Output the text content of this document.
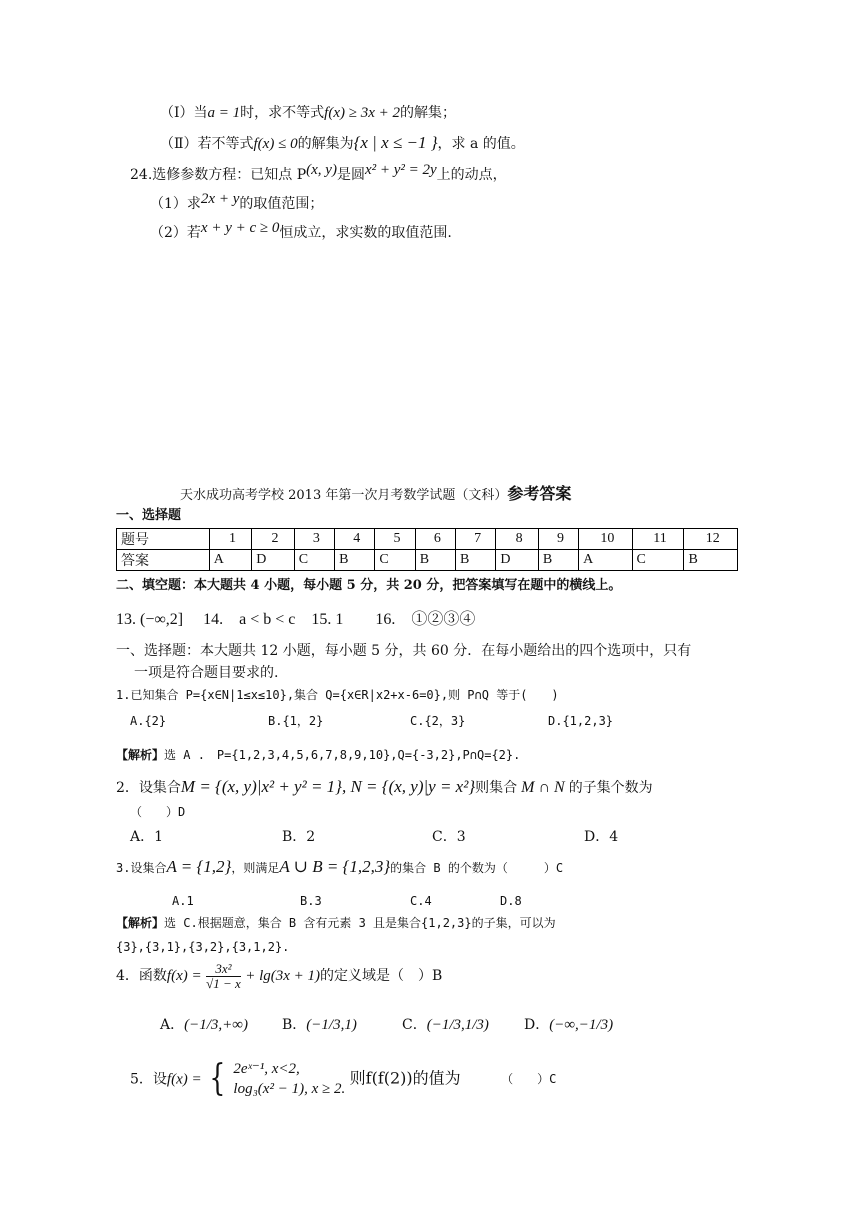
（Ⅰ）当a = 1时，求不等式f(x) ≥ 3x + 2的解集；
（Ⅱ）若不等式f(x) ≤ 0的解集为{x | x ≤ −1 }，求 a 的值。
24.选修参数方程：已知点 P(x, y)是圆x² + y² = 2y上的动点，
（1）求2x + y的取值范围；
（2）若x + y + c ≥ 0恒成立，求实数的取值范围.
天水成功高考学校 2013 年第一次月考数学试题（文科）参考答案
一、选择题
题号	1	2	3	4	5	6	7	8	9	10	11	12
答案	A	D	C	B	C	B	B	D	B	A	C	B
二、填空题：本大题共 4 小题，每小题 5 分，共 20 分，把答案填写在题中的横线上。
13. (−∞,2]　 14.　a < b < c　15. 1　　16.　①②③④
一、选择题：本大题共 12 小题，每小题 5 分，共 60 分．在每小题给出的四个选项中，只有
一项是符合题目要求的.
1.已知集合 P={x∈N|1≤x≤10},集合 Q={x∈R|x2+x-6=0},则 P∩Q 等于(　　)
A.{2}	B.{1，2}	C.{2，3}	D.{1,2,3}
【解析】选 A .　P={1,2,3,4,5,6,7,8,9,10},Q={-3,2},P∩Q={2}.
2．设集合M = {(x, y)|x² + y² = 1}, N = {(x, y)|y = x²}则集合 M ∩ N 的子集个数为
（　　）D
A．1	B．2	C．3	D．4
3.设集合A = {1,2}，则满足A ∪ B = {1,2,3}的集合 B 的个数为（　　　）C
A.1	B.3	C.4	D.8
【解析】选 C.根据题意，集合 B 含有元素 3 且是集合{1,2,3}的子集，可以为
{3},{3,1},{3,2},{3,1,2}.
4．函数$f(x) = \frac{\text{3x²}}{√1 - x} + \lg(3x + 1)$的定义域是（　）B
A．(−1/3,+∞) B．(−1/3,1)	C．(−1/3,1/3)	D．(−∞,−1/3)
5．设f(x) = { 2eˣ⁻¹, x<2,
log₃(x² − 1), x ≥ 2.
则f(f(2))的值为	（　　）C
